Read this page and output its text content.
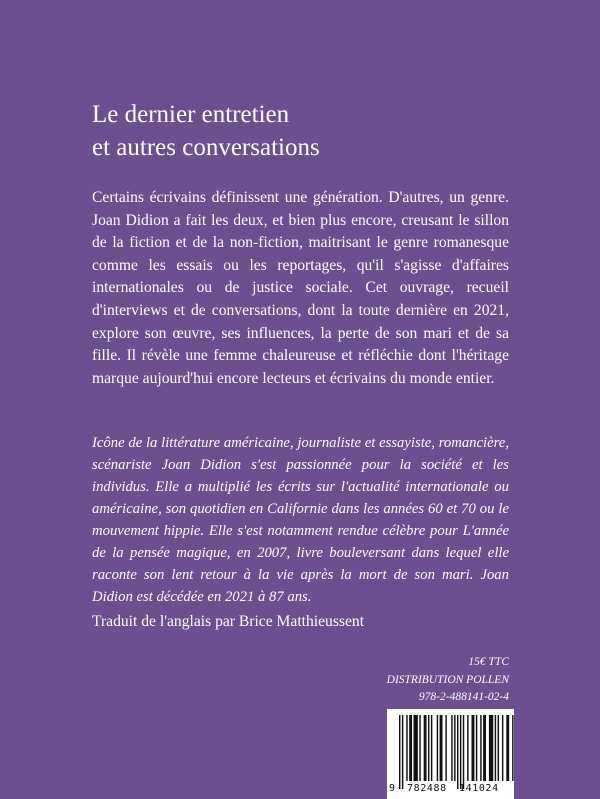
Le dernier entretien
et autres conversations

Certains écrivains définissent une génération. D'autres, un genre. Joan Didion a fait les deux, et bien plus encore, creusant le sillon de la fiction et de la non-fiction, maitrisant le genre romanesque comme les essais ou les reportages, qu'il s'agisse d'affaires internationales ou de justice sociale. Cet ouvrage, recueil d'interviews et de conversations, dont la toute dernière en 2021, explore son œuvre, ses influences, la perte de son mari et de sa fille. Il révèle une femme chaleureuse et réfléchie dont l'héritage marque aujourd'hui encore lecteurs et écrivains du monde entier.

Icône de la littérature américaine, journaliste et essayiste, romancière, scénariste Joan Didion s'est passionnée pour la société et les individus. Elle a multiplié les écrits sur l'actualité internationale ou américaine, son quotidien en Californie dans les années 60 et 70 ou le mouvement hippie. Elle s'est notamment rendue célèbre pour L'année de la pensée magique, en 2007, livre bouleversant dans lequel elle raconte son lent retour à la vie après la mort de son mari. Joan Didion est décédée en 2021 à 87 ans.

Traduit de l'anglais par Brice Matthieussent

15€ TTC
DISTRIBUTION POLLEN
978-2-488141-02-4
9 782488 141024
